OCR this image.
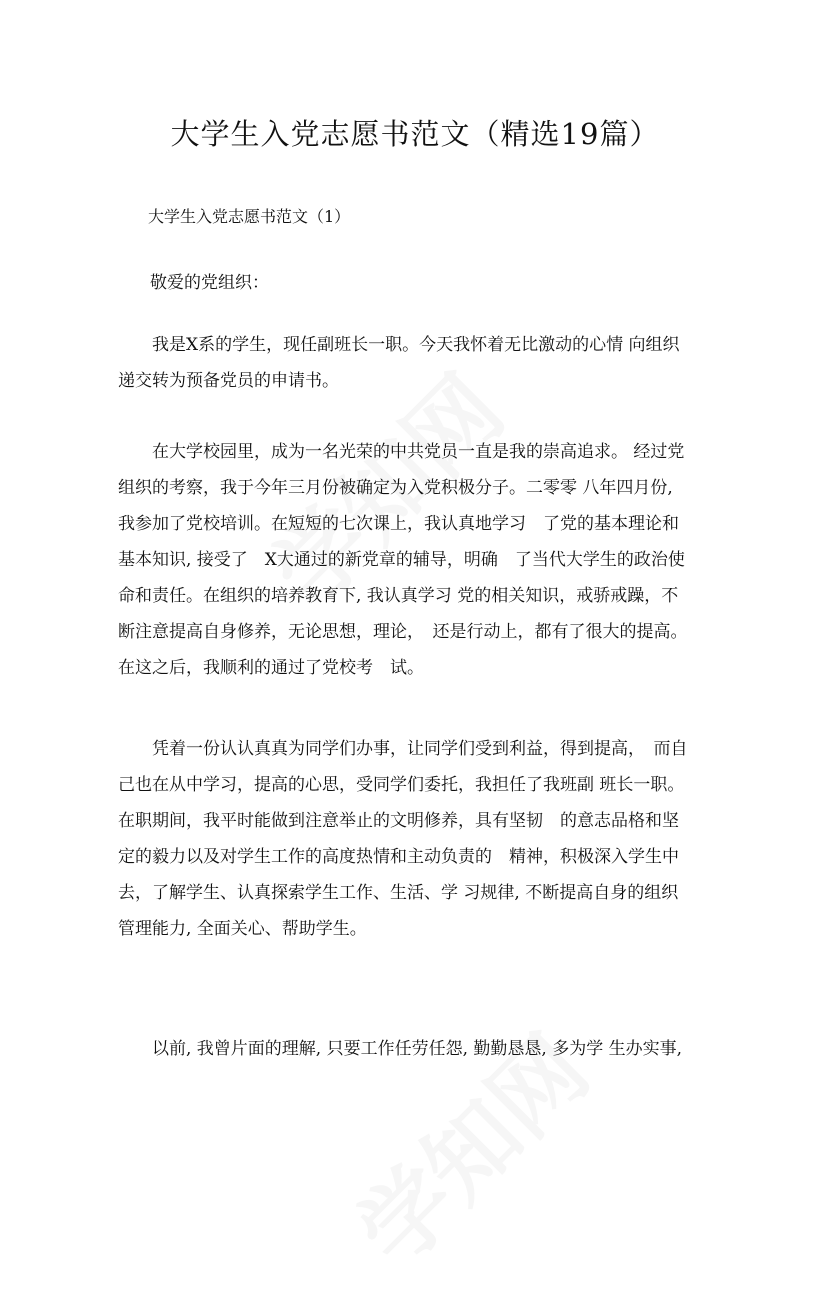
大学生入党志愿书范文（精选19篇）
大学生入党志愿书范文（1）
敬爱的党组织：
　　我是X系的学生，现任副班长一职。今天我怀着无比激动的心情 向组织
递交转为预备党员的申请书。
　　在大学校园里，成为一名光荣的中共党员一直是我的崇高追求。 经过党
组织的考察，我于今年三月份被确定为入党积极分子。二零零 八年四月份,
我参加了党校培训。在短短的七次课上，我认真地学习　了党的基本理论和
基本知识, 接受了　X大通过的新党章的辅导，明确　了当代大学生的政治使
命和责任。在组织的培养教育下, 我认真学习 党的相关知识，戒骄戒躁，不
断注意提高自身修养，无论思想，理论，　还是行动上，都有了很大的提高。
在这之后，我顺利的通过了党校考　试。
　　凭着一份认认真真为同学们办事，让同学们受到利益，得到提高，　而自
己也在从中学习，提高的心思，受同学们委托，我担任了我班副 班长一职。
在职期间，我平时能做到注意举止的文明修养，具有坚韧　的意志品格和坚
定的毅力以及对学生工作的高度热情和主动负责的　精神，积极深入学生中
去，了解学生、认真探索学生工作、生活、学 习规律, 不断提高自身的组织
管理能力, 全面关心、帮助学生。
　　以前, 我曾片面的理解, 只要工作任劳任怨, 勤勤恳恳, 多为学 生办实事,
